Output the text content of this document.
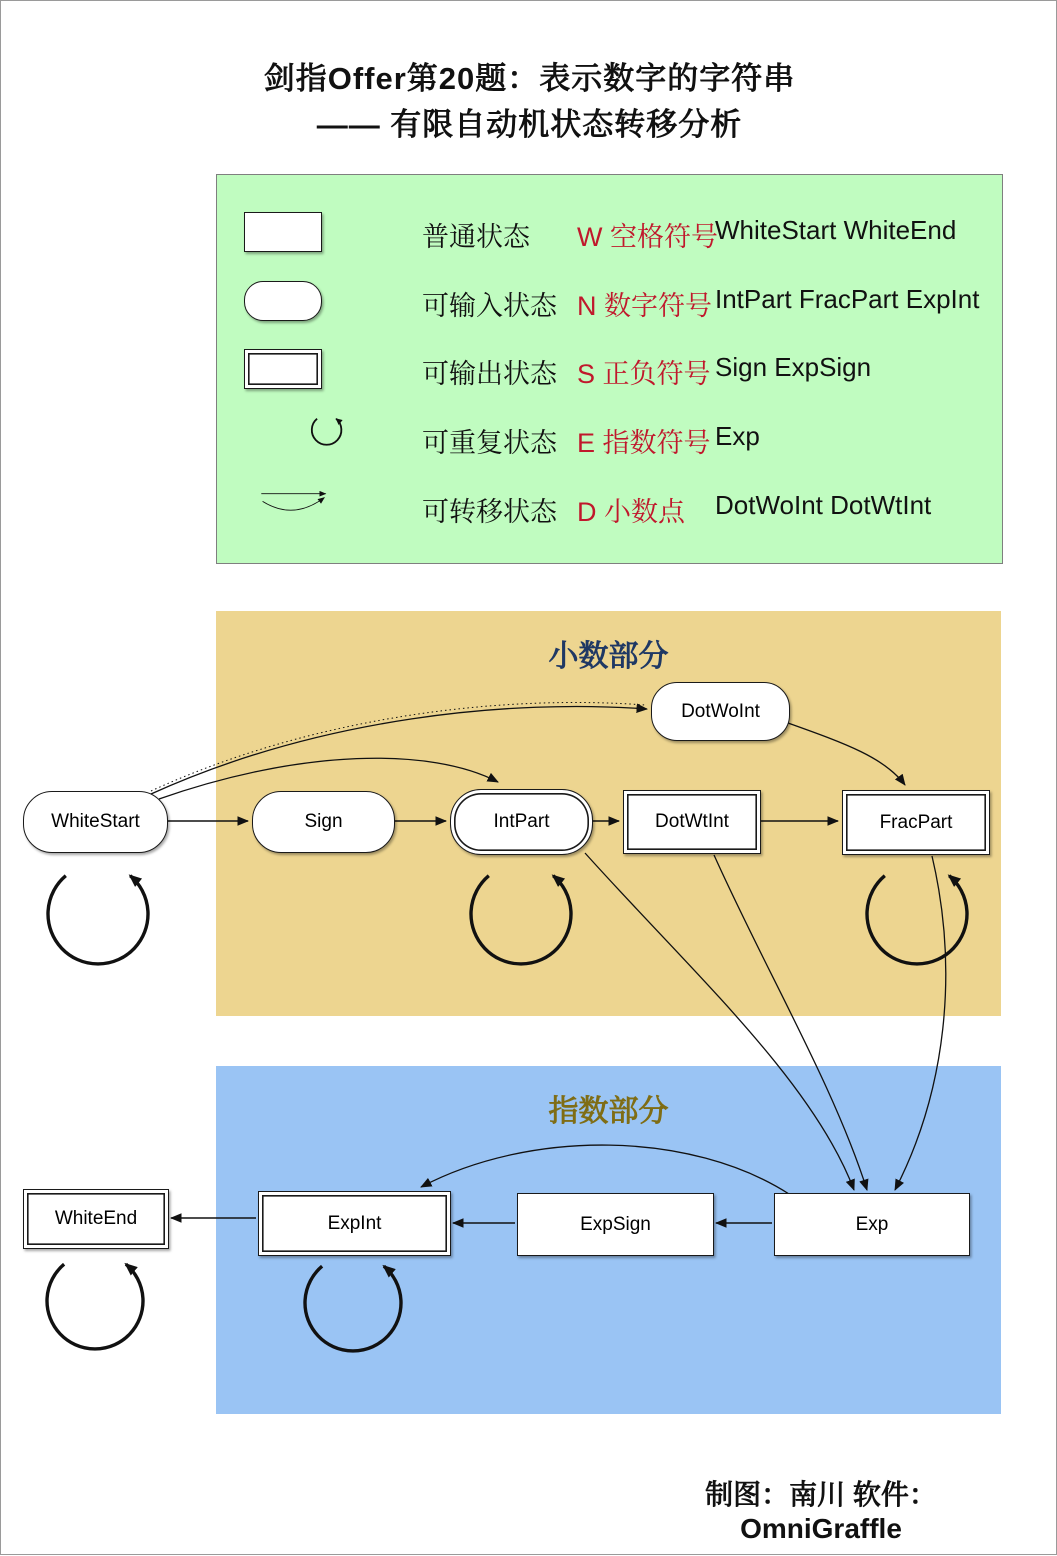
剑指Offer第20题：表示数字的字符串
—— 有限自动机状态转移分析
普通状态 W 空格符号
WhiteStart WhiteEnd
可输入状态 N 数字符号 IntPart FracPart ExpInt
可输出状态 S 正负符号 Sign ExpSign
可重复状态 E 指数符号 Exp
可转移状态 D 小数点 DotWoInt DotWtInt
小数部分
指数部分
WhiteStart	Sign
DotWoInt
IntPart	DotWtInt	FracPart
Exp
ExpSign
ExpInt
WhiteEnd
制图：南川 软件：OmniGraffle
